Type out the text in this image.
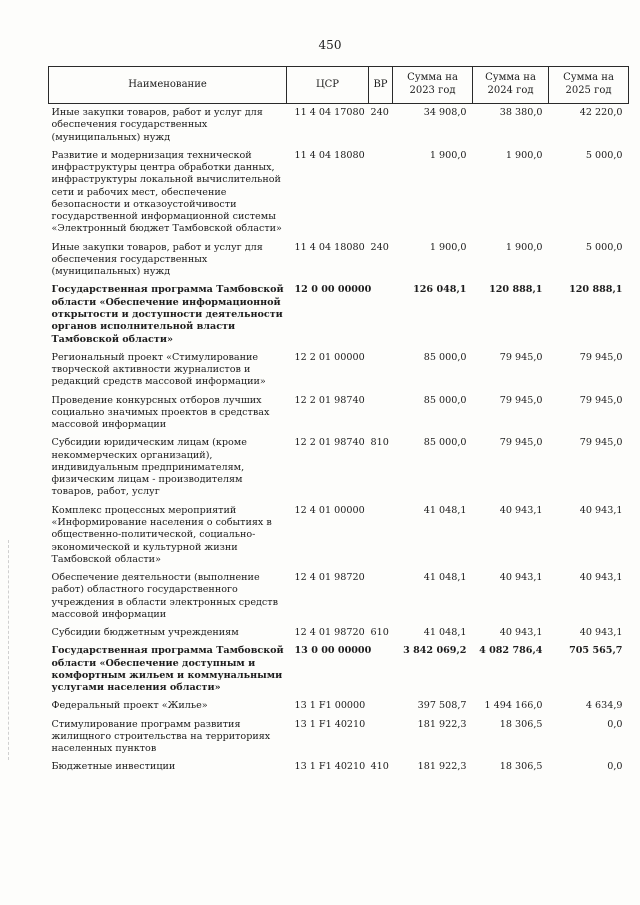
450
Наименование	ЦСР	ВР	Сумма на 2023 год	Сумма на 2024 год	Сумма на 2025 год
Иные закупки товаров, работ и услуг для обеспечения государственных (муниципальных) нужд	11 4 04 17080	240	34 908,0	38 380,0	42 220,0
Развитие и модернизация технической инфраструктуры центра обработки данных, инфраструктуры локальной вычислительной сети и рабочих мест, обеспечение безопасности и отказоустойчивости государственной информационной системы «Электронный бюджет Тамбовской области»	11 4 04 18080		1 900,0	1 900,0	5 000,0
Иные закупки товаров, работ и услуг для обеспечения государственных (муниципальных) нужд	11 4 04 18080	240	1 900,0	1 900,0	5 000,0
Государственная программа Тамбовской области «Обеспечение информационной открытости и доступности деятельности органов исполнительной власти Тамбовской области»	12 0 00 00000		126 048,1	120 888,1	120 888,1
Региональный проект «Стимулирование творческой активности журналистов и редакций средств массовой информации»	12 2 01 00000		85 000,0	79 945,0	79 945,0
Проведение конкурсных отборов лучших социально значимых проектов в средствах массовой информации	12 2 01 98740		85 000,0	79 945,0	79 945,0
Субсидии юридическим лицам (кроме некоммерческих организаций), индивидуальным предпринимателям, физическим лицам - производителям товаров, работ, услуг	12 2 01 98740	810	85 000,0	79 945,0	79 945,0
Комплекс процессных мероприятий «Информирование населения о событиях в общественно-политической, социально-экономической и культурной жизни Тамбовской области»	12 4 01 00000		41 048,1	40 943,1	40 943,1
Обеспечение деятельности (выполнение работ) областного государственного учреждения в области электронных средств массовой информации	12 4 01 98720		41 048,1	40 943,1	40 943,1
Субсидии бюджетным учреждениям	12 4 01 98720	610	41 048,1	40 943,1	40 943,1
Государственная программа Тамбовской области «Обеспечение доступным и комфортным жильем и коммунальными услугами населения области»	13 0 00 00000		3 842 069,2	4 082 786,4	705 565,7
Федеральный проект «Жилье»	13 1 F1 00000		397 508,7	1 494 166,0	4 634,9
Стимулирование программ развития жилищного строительства на территориях населенных пунктов	13 1 F1 40210		181 922,3	18 306,5	0,0
Бюджетные инвестиции	13 1 F1 40210	410	181 922,3	18 306,5	0,0
